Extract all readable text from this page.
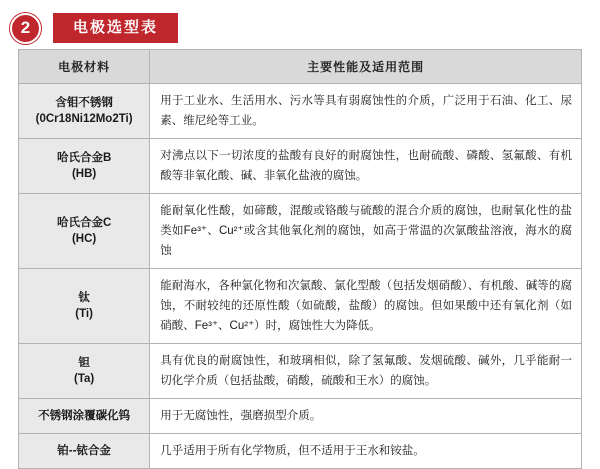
2	电极选型表
电极材料	主要性能及适用范围

含钼不锈钢
(0Cr18Ni12Mo2Ti)	用于工业水、生活用水、污水等具有弱腐蚀性的介质，广泛用于石油、化工、尿素、维尼纶等工业。

哈氏合金B
(HB)	对沸点以下一切浓度的盐酸有良好的耐腐蚀性，也耐硫酸、磷酸、氢氟酸、有机酸等非氧化酸、碱、非氧化盐液的腐蚀。

哈氏合金C
(HC)	能耐氧化性酸，如碲酸，混酸或铬酸与硫酸的混合介质的腐蚀，也耐氧化性的盐类如Fe³⁺、Cu²⁺或含其他氧化剂的腐蚀，如高于常温的次氯酸盐溶液，海水的腐蚀

钛
(Ti)	能耐海水，各种氯化物和次氯酸、氯化型酸（包括发烟硝酸）、有机酸、碱等的腐蚀，不耐较纯的还原性酸（如硫酸，盐酸）的腐蚀。但如果酸中还有氧化剂（如硝酸、Fe³⁺、Cu²⁺）时，腐蚀性大为降低。

钽
(Ta)	具有优良的耐腐蚀性，和玻璃相似，除了氢氟酸、发烟硫酸、碱外，几乎能耐一切化学介质（包括盐酸，硝酸，硫酸和王水）的腐蚀。

不锈钢涂覆碳化钨	用于无腐蚀性，强磨损型介质。

铂--铱合金	几乎适用于所有化学物质，但不适用于王水和铵盐。
